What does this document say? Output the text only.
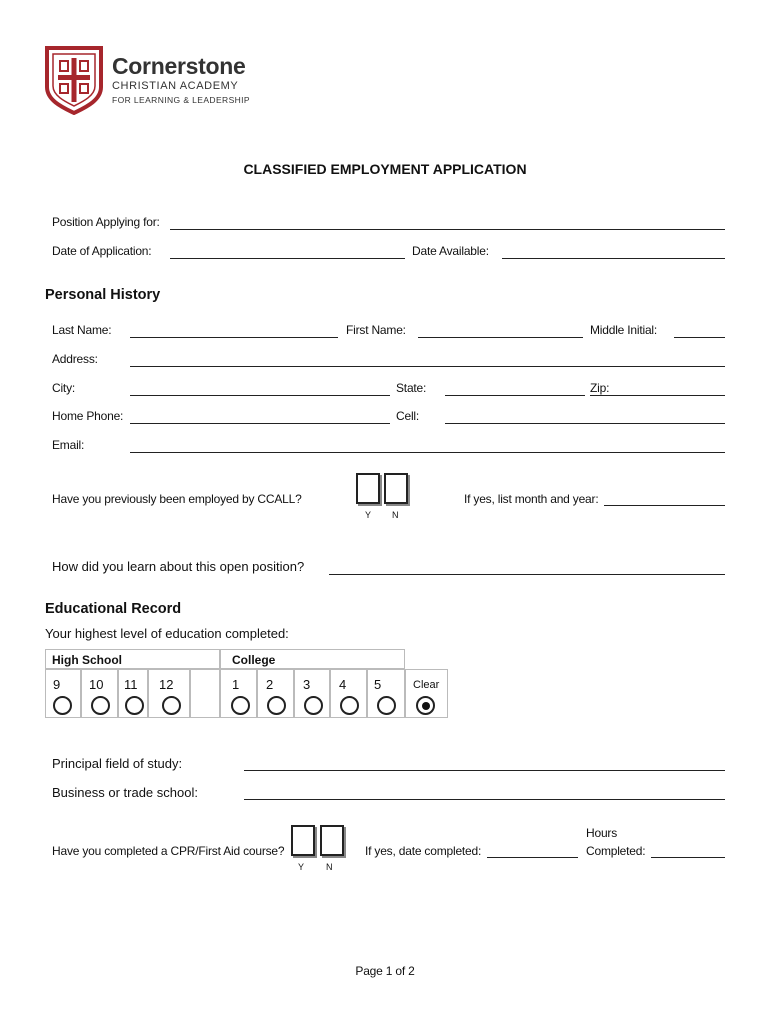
Cornerstone
CHRISTIAN ACADEMY
FOR LEARNING & LEADERSHIP
CLASSIFIED EMPLOYMENT APPLICATION
Position Applying for:
Date of Application:	Date Available:
Personal History
Last Name:	First Name:	Middle Initial:
Address:
City:	State:	Zip:
Home Phone:	Cell:
Email:
Have you previously been employed by CCALL?
Y N
If yes, list month and year:
How did you learn about this open position?
Educational Record
Your highest level of education completed:
High School	College
9 10 11 12	1 2 3 4 5	Clear
Principal field of study:
Business or trade school:
Have you completed a CPR/First Aid course?
Y N
If yes, date completed:
Hours
Completed:
Page 1 of 2
